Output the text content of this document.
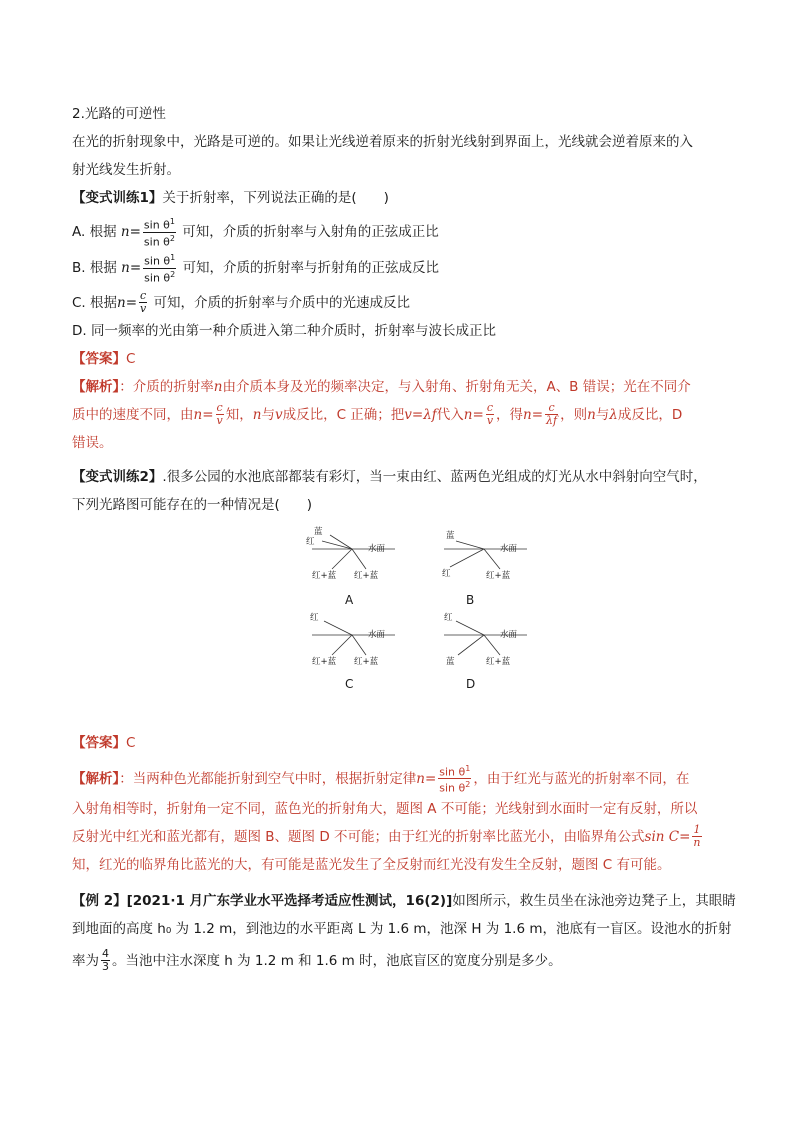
2.光路的可逆性

在光的折射现象中，光路是可逆的。如果让光线逆着原来的折射光线射到界面上，光线就会逆着原来的入

射光线发生折射。

【变式训练1】关于折射率，下列说法正确的是(　　)

A. 根据 $n= \frac{\sin \theta^1}{\sin \theta^2}$ 可知，介质的折射率与入射角的正弦成正比

B. 根据 $n= \frac{\sin \theta^1}{\sin \theta^2}$ 可知，介质的折射率与折射角的正弦成反比

C. 根据$n= \frac{c}{v}$ 可知，介质的折射率与介质中的光速成反比

D. 同一频率的光由第一种介质进入第二种介质时，折射率与波长成正比

【答案】C

【解析】：介质的折射率n由介质本身及光的频率决定，与入射角、折射角无关，A、B 错误；光在不同介

质中的速度不同，由$n= \frac{c}{v}$ 知，n与v成反比，C 正确；把v=λf代入$n= \frac{c}{v}$ ，得$n= \frac{c}{\lambda f}$ ，则n与λ成反比，D

错误。

【变式训练2】.很多公园的水池底部都装有彩灯，当一束由红、蓝两色光组成的灯光从水中斜射向空气时，

下列光路图可能存在的一种情况是(　　)

蓝
红
水面
红+蓝 红+蓝
A
蓝
水面
红	红+蓝
B
红
水面
红+蓝 红+蓝
C
红
水面
蓝	红+蓝
D

【答案】C

【解析】：当两种色光都能折射到空气中时，根据折射定律$n= \frac{\sin \theta^1}{\sin \theta^2}$ ，由于红光与蓝光的折射率不同，在

入射角相等时，折射角一定不同，蓝色光的折射角大，题图 A 不可能；光线射到水面时一定有反射，所以

反射光中红光和蓝光都有，题图 B、题图 D 不可能；由于红光的折射率比蓝光小，由临界角公式$\sin C= \frac{1}{n}$

知，红光的临界角比蓝光的大，有可能是蓝光发生了全反射而红光没有发生全反射，题图 C 有可能。

【例 2】[2021·1 月广东学业水平选择考适应性测试，16(2)]如图所示，救生员坐在泳池旁边凳子上，其眼睛

到地面的高度 h₀ 为 1.2 m，到池边的水平距离 L 为 1.6 m，池深 H 为 1.6 m，池底有一盲区。设池水的折射

率为 $\frac{4}{3}$ 。当池中注水深度 h 为 1.2 m 和 1.6 m 时，池底盲区的宽度分别是多少。
